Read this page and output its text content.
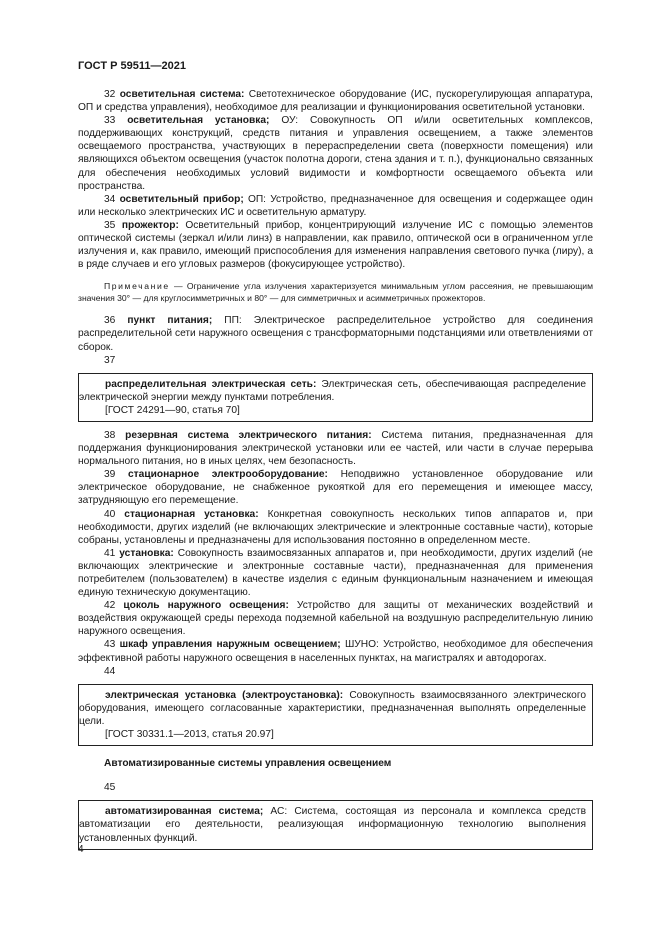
ГОСТ Р 59511—2021

32 осветительная система: Светотехническое оборудование (ИС, пускорегулирующая аппаратура, ОП и средства управления), необходимое для реализации и функционирования осветительной установки.

33 осветительная установка; ОУ: Совокупность ОП и/или осветительных комплексов, поддерживающих конструкций, средств питания и управления освещением, а также элементов освещаемого пространства, участвующих в перераспределении света (поверхности помещения) или являющихся объектом освещения (участок полотна дороги, стена здания и т. п.), функционально связанных для обеспечения необходимых условий видимости и комфортности освещаемого объекта или пространства.

34 осветительный прибор; ОП: Устройство, предназначенное для освещения и содержащее один или несколько электрических ИС и осветительную арматуру.

35 прожектор: Осветительный прибор, концентрирующий излучение ИС с помощью элементов оптической системы (зеркал и/или линз) в направлении, как правило, оптической оси в ограниченном угле излучения и, как правило, имеющий приспособления для изменения направления светового пучка (лиру), а в ряде случаев и его угловых размеров (фокусирующее устройство).

Примечание — Ограничение угла излучения характеризуется минимальным углом рассеяния, не превышающим значения 30° — для круглосимметричных и 80° — для симметричных и асимметричных прожекторов.

36 пункт питания; ПП: Электрическое распределительное устройство для соединения распределительной сети наружного освещения с трансформаторными подстанциями или ответвлениями от сборок.

37

распределительная электрическая сеть: Электрическая сеть, обеспечивающая распределение электрической энергии между пунктами потребления.

[ГОСТ 24291—90, статья 70]

38 резервная система электрического питания: Система питания, предназначенная для поддержания функционирования электрической установки или ее частей, или части в случае перерыва нормального питания, но в иных целях, чем безопасность.

39 стационарное электрооборудование: Неподвижно установленное оборудование или электрическое оборудование, не снабженное рукояткой для его перемещения и имеющее массу, затрудняющую его перемещение.

40 стационарная установка: Конкретная совокупность нескольких типов аппаратов и, при необходимости, других изделий (не включающих электрические и электронные составные части), которые собраны, установлены и предназначены для использования постоянно в определенном месте.

41 установка: Совокупность взаимосвязанных аппаратов и, при необходимости, других изделий (не включающих электрические и электронные составные части), предназначенная для применения потребителем (пользователем) в качестве изделия с единым функциональным назначением и имеющая единую техническую документацию.

42 цоколь наружного освещения: Устройство для защиты от механических воздействий и воздействия окружающей среды перехода подземной кабельной на воздушную распределительную линию наружного освещения.

43 шкаф управления наружным освещением; ШУНО: Устройство, необходимое для обеспечения эффективной работы наружного освещения в населенных пунктах, на магистралях и автодорогах.

44

электрическая установка (электроустановка): Совокупность взаимосвязанного электрического оборудования, имеющего согласованные характеристики, предназначенная выполнять определенные цели.

[ГОСТ 30331.1—2013, статья 20.97]

Автоматизированные системы управления освещением

45

автоматизированная система; АС: Система, состоящая из персонала и комплекса средств автоматизации его деятельности, реализующая информационную технологию выполнения установленных функций.

4
